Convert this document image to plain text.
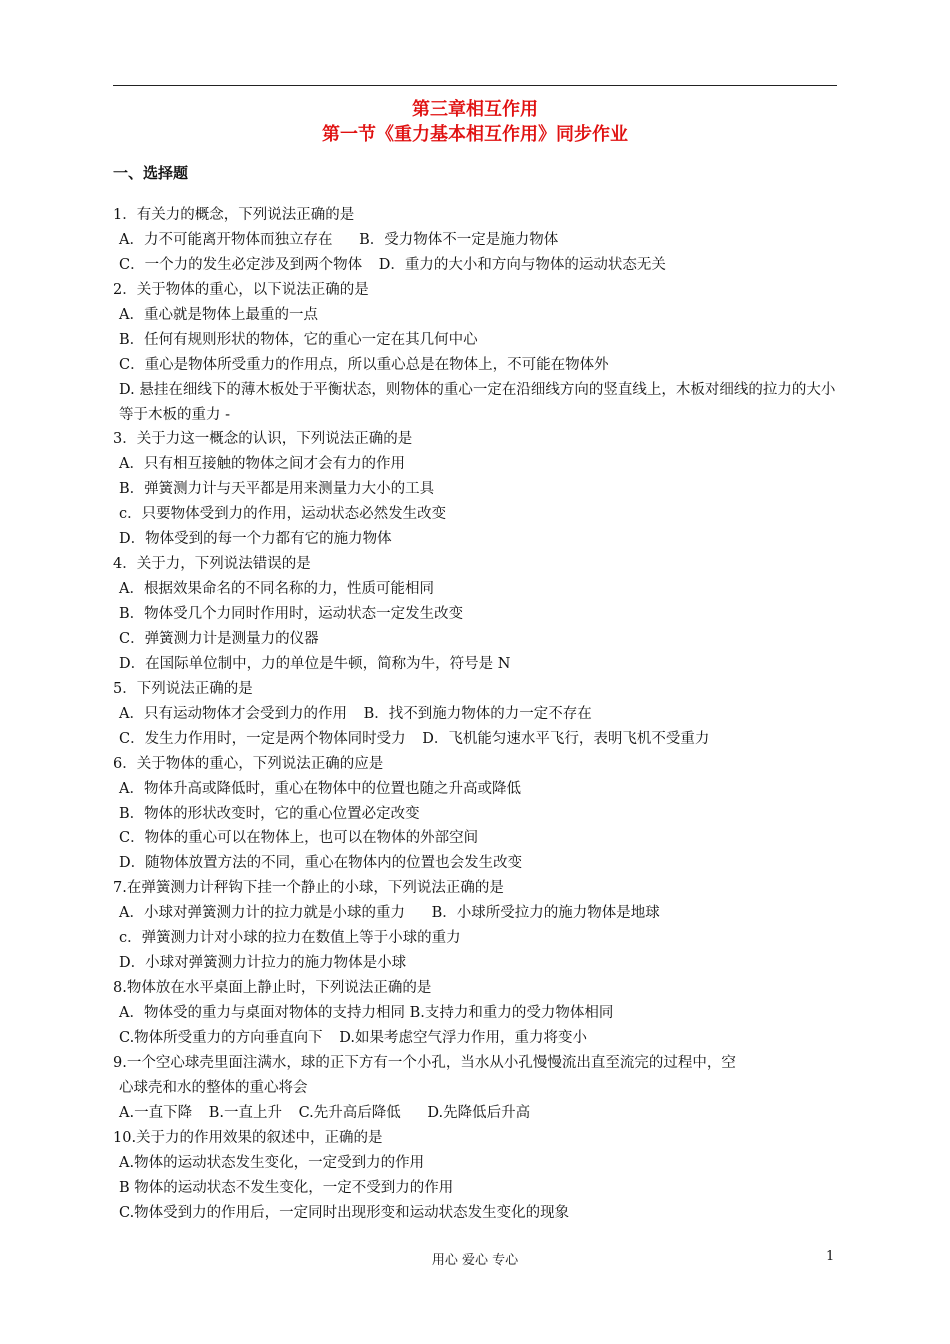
第三章相互作用
第一节《重力基本相互作用》同步作业
一、选择题
1．有关力的概念，下列说法正确的是
A．力不可能离开物体而独立存在 B．受力物体不一定是施力物体
C．一个力的发生必定涉及到两个物体 D．重力的大小和方向与物体的运动状态无关
2．关于物体的重心，以下说法正确的是
A．重心就是物体上最重的一点
B．任何有规则形状的物体，它的重心一定在其几何中心
C．重心是物体所受重力的作用点，所以重心总是在物体上，不可能在物体外
D. 悬挂在细线下的薄木板处于平衡状态，则物体的重心一定在沿细线方向的竖直线上，木板对细线的拉力的大小等于木板的重力 -
3．关于力这一概念的认识，下列说法正确的是
A．只有相互接触的物体之间才会有力的作用
B．弹簧测力计与天平都是用来测量力大小的工具
c．只要物体受到力的作用，运动状态必然发生改变
D．物体受到的每一个力都有它的施力物体
4．关于力，下列说法错误的是
A．根据效果命名的不同名称的力，性质可能相同
B．物体受几个力同时作用时，运动状态一定发生改变
C．弹簧测力计是测量力的仪器
D．在国际单位制中，力的单位是牛顿，简称为牛，符号是 N
5．下列说法正确的是
A．只有运动物体才会受到力的作用 B．找不到施力物体的力一定不存在
C．发生力作用时，一定是两个物体同时受力 D．飞机能匀速水平飞行，表明飞机不受重力
6．关于物体的重心，下列说法正确的应是
A．物体升高或降低时，重心在物体中的位置也随之升高或降低
B．物体的形状改变时，它的重心位置必定改变
C．物体的重心可以在物体上，也可以在物体的外部空间
D．随物体放置方法的不同，重心在物体内的位置也会发生改变
7.在弹簧测力计秤钩下挂一个静止的小球，下列说法正确的是
A．小球对弹簧测力计的拉力就是小球的重力 B．小球所受拉力的施力物体是地球
c．弹簧测力计对小球的拉力在数值上等于小球的重力
D．小球对弹簧测力计拉力的施力物体是小球
8.物体放在水平桌面上静止时，下列说法正确的是
A．物体受的重力与桌面对物体的支持力相同 B.支持力和重力的受力物体相同
C.物体所受重力的方向垂直向下 D.如果考虑空气浮力作用，重力将变小
9.一个空心球壳里面注满水，球的正下方有一个小孔，当水从小孔慢慢流出直至流完的过程中，空
心球壳和水的整体的重心将会
A.一直下降 B.一直上升 C.先升高后降低 D.先降低后升高
10.关于力的作用效果的叙述中，正确的是
A.物体的运动状态发生变化，一定受到力的作用
B 物体的运动状态不发生变化，一定不受到力的作用
C.物体受到力的作用后，一定同时出现形变和运动状态发生变化的现象
用心 爱心 专心	1
